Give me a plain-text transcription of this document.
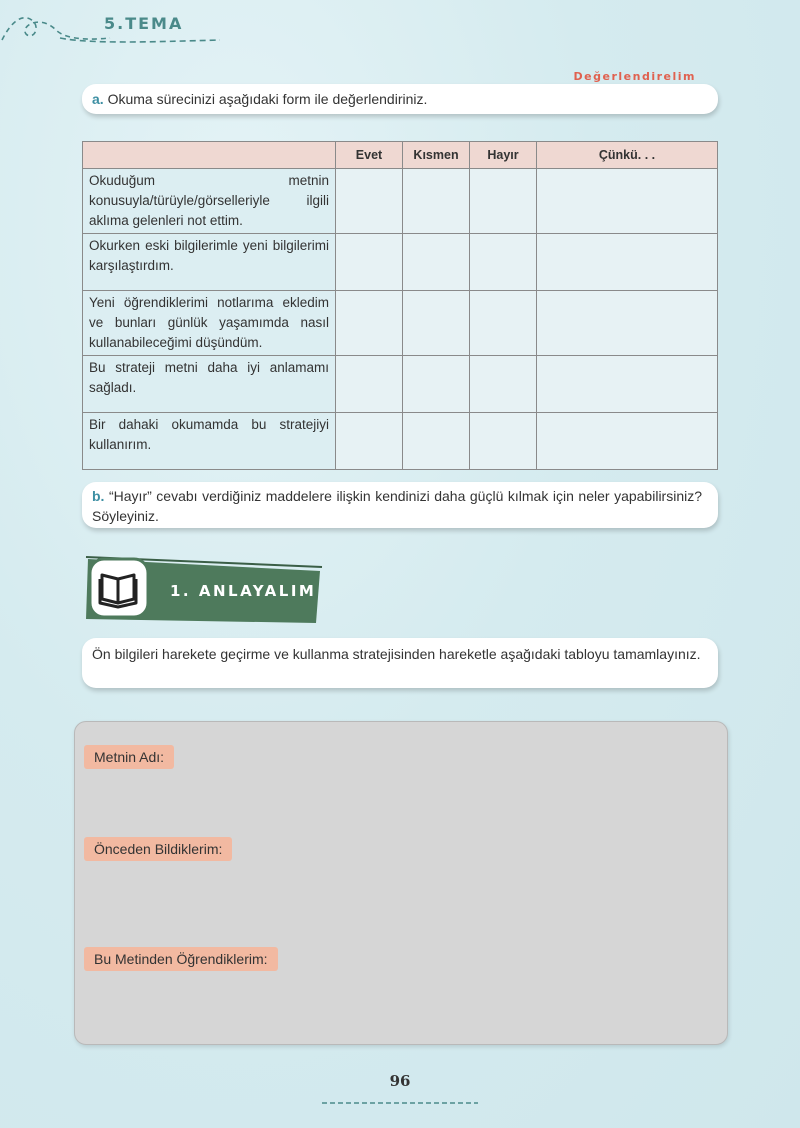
5.TEMA
Değerlendirelim
a.
Okuma sürecinizi aşağıdaki form ile değerlendiriniz.
	Evet	Kısmen	Hayır	Çünkü. . .
Okuduğum metnin konusuyla/türüyle/görselleriyle ilgili aklıma gelenleri not ettim.				
Okurken eski bilgilerimle yeni bilgilerimi karşılaştırdım.				
Yeni öğrendiklerimi notlarıma ekledim ve bunları günlük yaşamımda nasıl kullanabileceğimi düşündüm.				
Bu strateji metni daha iyi anlamamı sağladı.				
Bir dahaki okumamda bu stratejiyi kullanırım.				
b. “Hayır” cevabı verdiğiniz maddelere ilişkin kendinizi daha güçlü kılmak için neler yapabilirsiniz? Söyleyiniz.
1. ANLAYALIM
Ön bilgileri harekete geçirme ve kullanma stratejisinden hareketle aşağıdaki tabloyu tamamlayınız.
Metnin Adı:
Önceden Bildiklerim:
Bu Metinden Öğrendiklerim:
96
